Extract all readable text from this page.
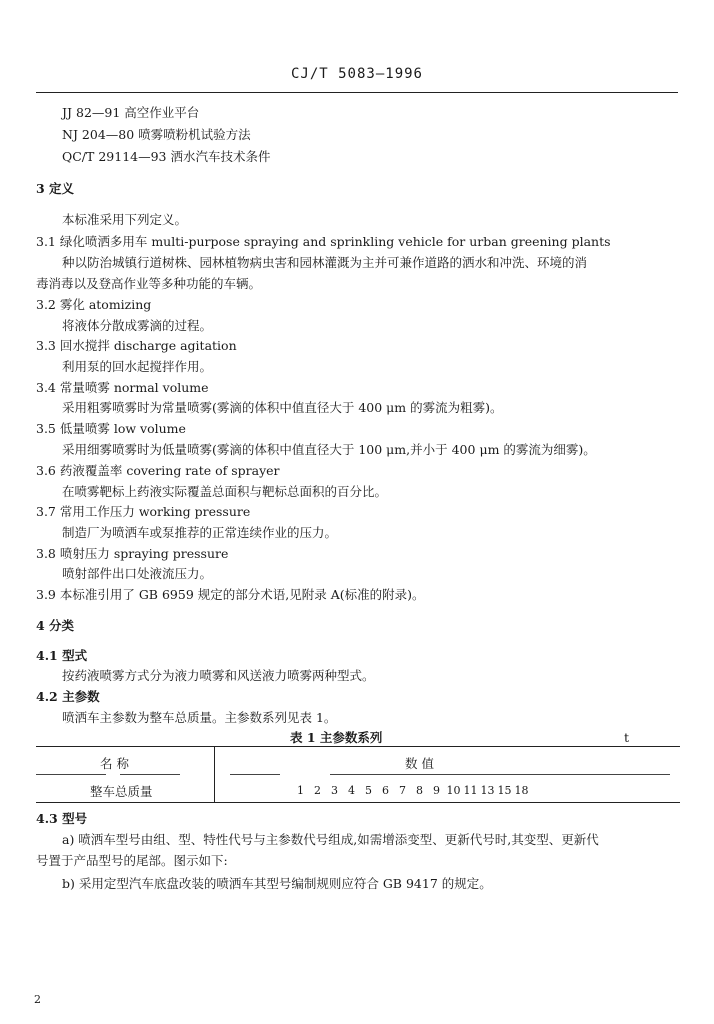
CJ/T 5083—1996
JJ 82—91 高空作业平台
NJ 204—80 喷雾喷粉机试验方法
QC/T 29114—93 洒水汽车技术条件
3 定义
本标准采用下列定义。
3.1 绿化喷洒多用车 multi-purpose spraying and sprinkling vehicle for urban greening plants
种以防治城镇行道树株、园林植物病虫害和园林灌溉为主并可兼作道路的洒水和冲洗、环境的消
毒消毒以及登高作业等多种功能的车辆。
3.2 雾化 atomizing
将液体分散成雾滴的过程。
3.3 回水搅拌 discharge agitation
利用泵的回水起搅拌作用。
3.4 常量喷雾 normal volume
采用粗雾喷雾时为常量喷雾(雾滴的体积中值直径大于 400 μm 的雾流为粗雾)。
3.5 低量喷雾 low volume
采用细雾喷雾时为低量喷雾(雾滴的体积中值直径大于 100 μm,并小于 400 μm 的雾流为细雾)。
3.6 药液覆盖率 covering rate of sprayer
在喷雾靶标上药液实际覆盖总面积与靶标总面积的百分比。
3.7 常用工作压力 working pressure
制造厂为喷洒车或泵推荐的正常连续作业的压力。
3.8 喷射压力 spraying pressure
喷射部件出口处液流压力。
3.9 本标准引用了 GB 6959 规定的部分术语,见附录 A(标准的附录)。
4 分类
4.1 型式
按药液喷雾方式分为液力喷雾和风送液力喷雾两种型式。
4.2 主参数
喷洒车主参数为整车总质量。主参数系列见表 1。
表 1 主参数系列	t
名 称	数 值
整车总质量	1 2 3 4 5 6 7 8 9 10 11 13 15 18
4.3 型号
a) 喷洒车型号由组、型、特性代号与主参数代号组成,如需增添变型、更新代号时,其变型、更新代
号置于产品型号的尾部。图示如下:
b) 采用定型汽车底盘改装的喷洒车其型号编制规则应符合 GB 9417 的规定。
2
